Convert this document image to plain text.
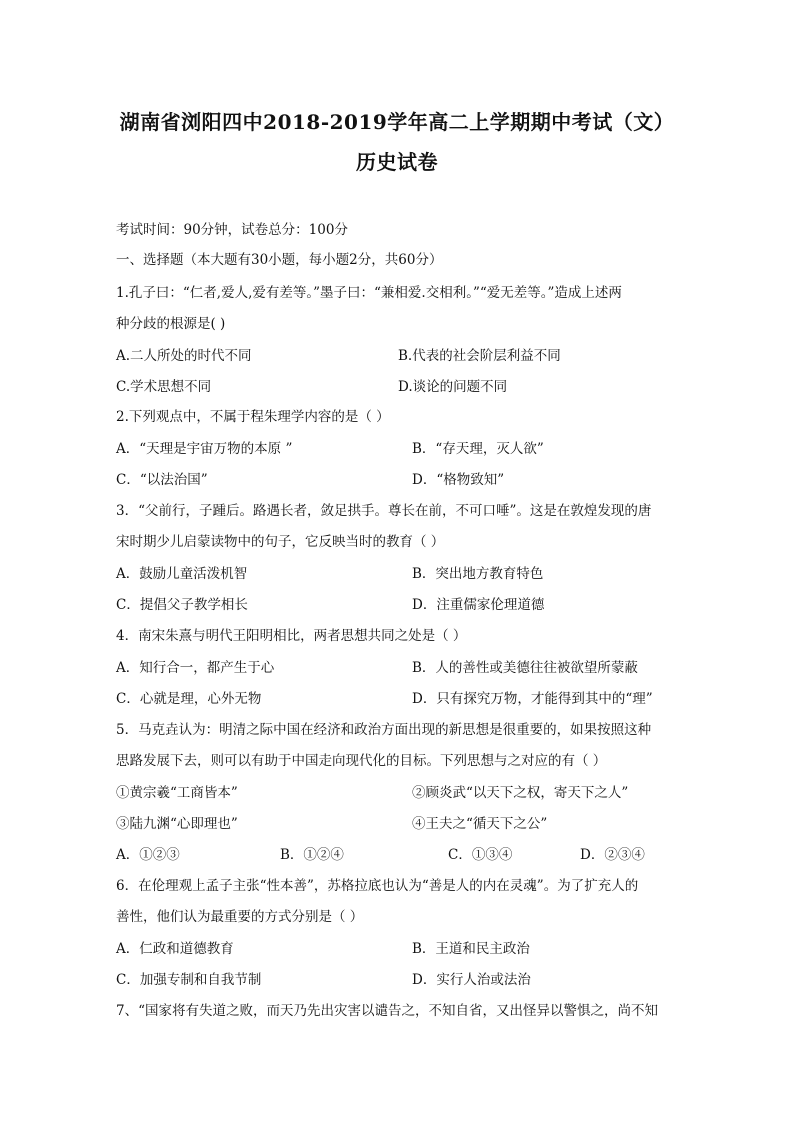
湖南省浏阳四中2018-2019学年高二上学期期中考试（文）
历史试卷
考试时间：90分钟，试卷总分：100分
一、选择题（本大题有30小题，每小题2分，共60分）
1.孔子曰：“仁者,爱人,爱有差等。”墨子曰：“兼相爱.交相利。”“爱无差等。”造成上述两
种分歧的根源是( )
A.二人所处的时代不同	B.代表的社会阶层利益不同
C.学术思想不同	D.谈论的问题不同
2.下列观点中，不属于程朱理学内容的是（ ）
A．“天理是宇宙万物的本原 ”	B．“存天理，灭人欲”
C．“以法治国”	D．“格物致知”
3．“父前行，子踵后。路遇长者，敛足拱手。尊长在前，不可口唾”。这是在敦煌发现的唐
宋时期少儿启蒙读物中的句子，它反映当时的教育（ ）
A．鼓励儿童活泼机智	B．突出地方教育特色
C．提倡父子教学相长	D．注重儒家伦理道德
4．南宋朱熹与明代王阳明相比，两者思想共同之处是（ ）
A．知行合一，都产生于心	B．人的善性或美德往往被欲望所蒙蔽
C．心就是理，心外无物	D．只有探究万物，才能得到其中的“理”
5．马克垚认为：明清之际中国在经济和政治方面出现的新思想是很重要的，如果按照这种
思路发展下去，则可以有助于中国走向现代化的目标。下列思想与之对应的有（ ）
①黄宗羲“工商皆本”	②顾炎武“以天下之权，寄天下之人”
③陆九渊“心即理也”	④王夫之“循天下之公”
A．①②③	B．①②④	C．①③④	D．②③④
6．在伦理观上孟子主张“性本善”，苏格拉底也认为“善是人的内在灵魂”。为了扩充人的
善性，他们认为最重要的方式分别是（ ）
A．仁政和道德教育	B．王道和民主政治
C．加强专制和自我节制	D．实行人治或法治
7、“国家将有失道之败，而天乃先出灾害以谴告之，不知自省，又出怪异以警惧之，尚不知
